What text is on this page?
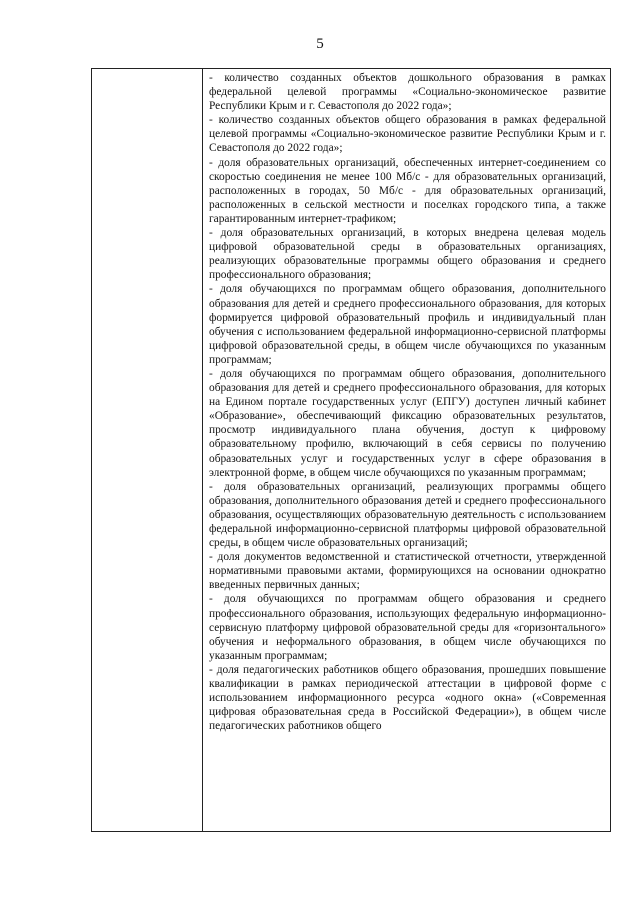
5

- количество созданных объектов дошкольного образования в рамках федеральной целевой программы «Социально-экономическое развитие Республики Крым и г. Севастополя до 2022 года»;

- количество созданных объектов общего образования в рамках федеральной целевой программы «Социально-экономическое развитие Республики Крым и г. Севастополя до 2022 года»;

- доля образовательных организаций, обеспеченных интернет-соединением со скоростью соединения не менее 100 Мб/с - для образовательных организаций, расположенных в городах, 50 Мб/с - для образовательных организаций, расположенных в сельской местности и поселках городского типа, а также гарантированным интернет-трафиком;

- доля образовательных организаций, в которых внедрена целевая модель цифровой образовательной среды в образовательных организациях, реализующих образовательные программы общего образования и среднего профессионального образования;

- доля обучающихся по программам общего образования, дополнительного образования для детей и среднего профессионального образования, для которых формируется цифровой образовательный профиль и индивидуальный план обучения с использованием федеральной информационно-сервисной платформы цифровой образовательной среды, в общем числе обучающихся по указанным программам;

- доля обучающихся по программам общего образования, дополнительного образования для детей и среднего профессионального образования, для которых на Едином портале государственных услуг (ЕПГУ) доступен личный кабинет «Образование», обеспечивающий фиксацию образовательных результатов, просмотр индивидуального плана обучения, доступ к цифровому образовательному профилю, включающий в себя сервисы по получению образовательных услуг и государственных услуг в сфере образования в электронной форме, в общем числе обучающихся по указанным программам;

- доля образовательных организаций, реализующих программы общего образования, дополнительного образования детей и среднего профессионального образования, осуществляющих образовательную деятельность с использованием федеральной информационно-сервисной платформы цифровой образовательной среды, в общем числе образовательных организаций;

- доля документов ведомственной и статистической отчетности, утвержденной нормативными правовыми актами, формирующихся на основании однократно введенных первичных данных;

- доля обучающихся по программам общего образования и среднего профессионального образования, использующих федеральную информационно-сервисную платформу цифровой образовательной среды для «горизонтального» обучения и неформального образования, в общем числе обучающихся по указанным программам;

- доля педагогических работников общего образования, прошедших повышение квалификации в рамках периодической аттестации в цифровой форме с использованием информационного ресурса «одного окна» («Современная цифровая образовательная среда в Российской Федерации»), в общем числе педагогических работников общего
